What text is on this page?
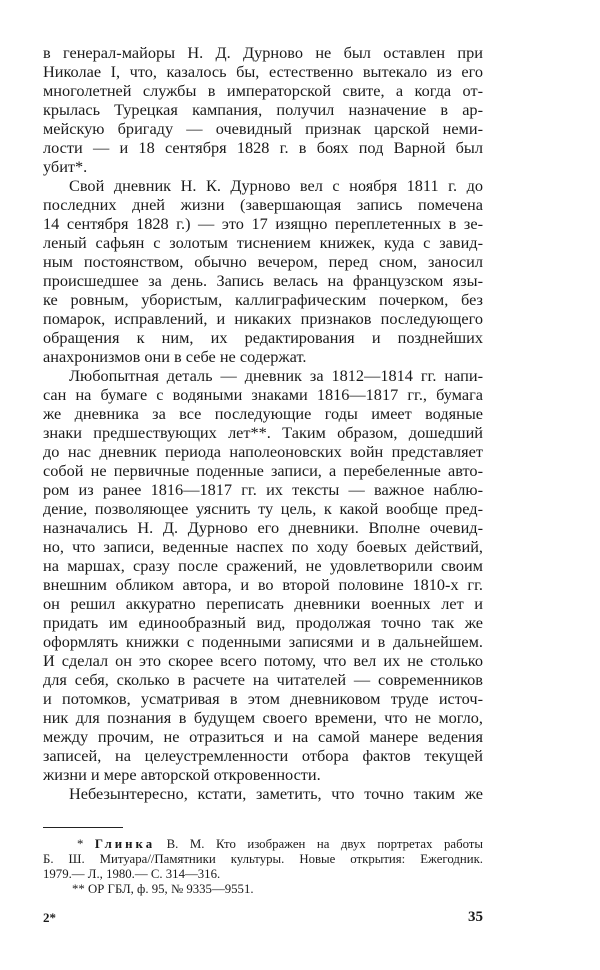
в генерал-майоры Н. Д. Дурново не был оставлен при
Николае I, что, казалось бы, естественно вытекало из его
многолетней службы в императорской свите, а когда от-
крылась Турецкая кампания, получил назначение в ар-
мейскую бригаду — очевидный признак царской неми-
лости — и 18 сентября 1828 г. в боях под Варной был
убит*.
Свой дневник Н. К. Дурново вел с ноября 1811 г. до
последних дней жизни (завершающая запись помечена
14 сентября 1828 г.) — это 17 изящно переплетенных в зе-
леный сафьян с золотым тиснением книжек, куда с завид-
ным постоянством, обычно вечером, перед сном, заносил
происшедшее за день. Запись велась на французском язы-
ке ровным, убористым, каллиграфическим почерком, без
помарок, исправлений, и никаких признаков последующего
обращения к ним, их редактирования и позднейших
анахронизмов они в себе не содержат.
Любопытная деталь — дневник за 1812—1814 гг. напи-
сан на бумаге с водяными знаками 1816—1817 гг., бумага
же дневника за все последующие годы имеет водяные
знаки предшествующих лет**. Таким образом, дошедший
до нас дневник периода наполеоновских войн представляет
собой не первичные поденные записи, а перебеленные авто-
ром из ранее 1816—1817 гг. их тексты — важное наблю-
дение, позволяющее уяснить ту цель, к какой вообще пред-
назначались Н. Д. Дурново его дневники. Вполне очевид-
но, что записи, веденные наспех по ходу боевых действий,
на маршах, сразу после сражений, не удовлетворили своим
внешним обликом автора, и во второй половине 1810-х гг.
он решил аккуратно переписать дневники военных лет и
придать им единообразный вид, продолжая точно так же
оформлять книжки с поденными записями и в дальнейшем.
И сделал он это скорее всего потому, что вел их не столько
для себя, сколько в расчете на читателей — современников
и потомков, усматривая в этом дневниковом труде источ-
ник для познания в будущем своего времени, что не могло,
между прочим, не отразиться и на самой манере ведения
записей, на целеустремленности отбора фактов текущей
жизни и мере авторской откровенности.
Небезынтересно, кстати, заметить, что точно таким же
* Глинка В. М. Кто изображен на двух портретах работы
Б. Ш. Митуара//Памятники культуры. Новые открытия: Ежегодник.
1979.— Л., 1980.— С. 314—316.
** ОР ГБЛ, ф. 95, № 9335—9551.
2*	35
